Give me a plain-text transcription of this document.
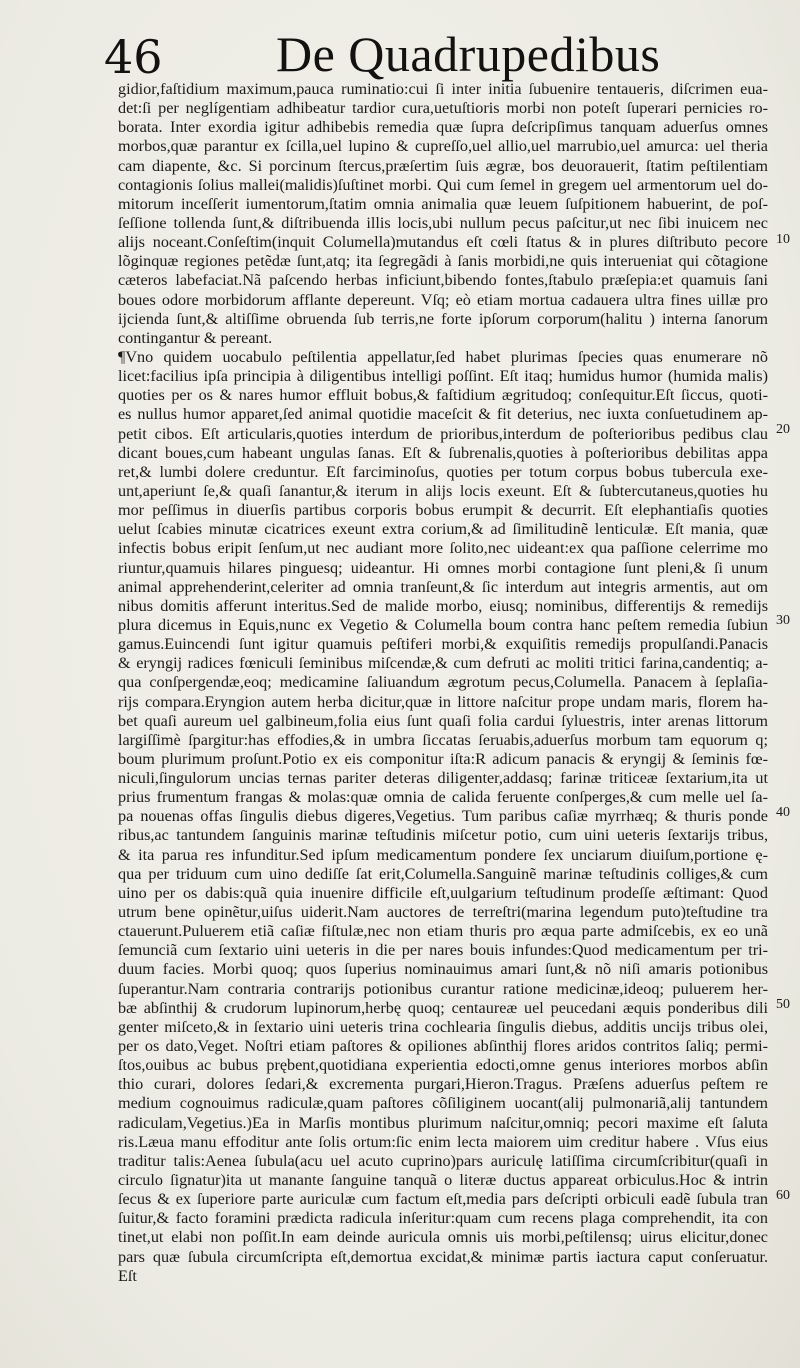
46 De Quadrupedibus
gidior,faſtidium maximum,pauca ruminatio:cui ſi inter initia ſubuenire tentaueris, diſcrimen eua-
det:ſi per neglígentiam adhibeatur tardior cura,uetuſtioris morbi non poteſt ſuperari pernicies ro-
borata. Inter exordia igitur adhibebis remedia quæ ſupra deſcripſimus tanquam aduerſus omnes
morbos,quæ parantur ex ſcilla,uel lupino & cupreſſo,uel allio,uel marrubio,uel amurca: uel theria
cam diapente, &c. Si porcinum ſtercus,præſertim ſuis ægræ, bos deuorauerit, ſtatim peſtilentiam
contagionis ſolius mallei(malidis)ſuſtinet morbi. Qui cum ſemel in gregem uel armentorum uel do-
mitorum inceſſerit iumentorum,ſtatim omnia animalia quæ leuem ſuſpitionem habuerint, de poſ-
ſeſſione tollenda ſunt,& diſtribuenda illis locis,ubi nullum pecus paſcitur,ut nec ſibi inuicem nec
alijs noceant.Conſeſtim(inquit Columella)mutandus eſt cœli ſtatus & in plures diſtributo pecore
lõginquæ regiones petẽdæ ſunt,atq; ita ſegregãdi à ſanis morbidi,ne quis interueniat qui cõtagione
cæteros labefaciat.Nã paſcendo herbas inficiunt,bibendo fontes,ſtabulo præſepia:et quamuis ſani
boues odore morbidorum afflante depereunt. Vſq; eò etiam mortua cadauera ultra fines uillæ pro
ijcienda ſunt,& altiſſime obruenda ſub terris,ne forte ipſorum corporum(halitu ) interna ſanorum
contingantur & pereant.
¶Vno quidem uocabulo peſtilentia appellatur,ſed habet plurimas ſpecies quas enumerare nõ
licet:facilius ipſa principia à diligentibus intelligi poſſint. Eſt itaq; humidus humor (humida malis)
quoties per os & nares humor effluit bobus,& faſtidium ægritudoq; conſequitur.Eſt ſiccus, quoti-
es nullus humor apparet,ſed animal quotidie maceſcit & fit deterius, nec iuxta conſuetudinem ap-
petit cibos. Eſt articularis,quoties interdum de prioribus,interdum de poſterioribus pedibus clau
dicant boues,cum habeant ungulas ſanas. Eſt & ſubrenalis,quoties à poſterioribus debilitas appa
ret,& lumbi dolere creduntur. Eſt farciminoſus, quoties per totum corpus bobus tubercula exe-
unt,aperiunt ſe,& quaſi ſanantur,& iterum in alijs locis exeunt. Eſt & ſubtercutaneus,quoties hu
mor peſſimus in diuerſis partibus corporis bobus erumpit & decurrit. Eſt elephantiaſis quoties
uelut ſcabies minutæ cicatrices exeunt extra corium,& ad ſimilitudinẽ lenticulæ. Eſt mania, quæ
infectis bobus eripit ſenſum,ut nec audiant more ſolito,nec uideant:ex qua paſſione celerrime mo
riuntur,quamuis hilares pinguesq; uideantur. Hi omnes morbi contagione ſunt pleni,& ſi unum
animal apprehenderint,celeriter ad omnia tranſeunt,& ſic interdum aut integris armentis, aut om
nibus domitis afferunt interitus.Sed de malide morbo, eiusq; nominibus, differentijs & remedijs
plura dicemus in Equis,nunc ex Vegetio & Columella boum contra hanc peſtem remedia ſubiun
gamus.Euincendi ſunt igitur quamuis peſtiferi morbi,& exquiſitis remedijs propulſandi.Panacis
& eryngij radices fœniculi ſeminibus miſcendæ,& cum defruti ac moliti tritici farina,candentiq; a-
qua conſpergendæ,eoq; medicamine ſaliuandum ægrotum pecus,Columella. Panacem à ſeplaſia-
rijs compara.Eryngion autem herba dicitur,quæ in littore naſcitur prope undam maris, florem ha-
bet quaſi aureum uel galbineum,folia eius ſunt quaſi folia cardui ſyluestris, inter arenas littorum
largiſſimè ſpargitur:has effodies,& in umbra ſiccatas ſeruabis,aduerſus morbum tam equorum q;
boum plurimum proſunt.Potio ex eis componitur iſta:R adicum panacis & eryngij & ſeminis fœ-
niculi,ſingulorum uncias ternas pariter deteras diligenter,addasq; farinæ triticeæ ſextarium,ita ut
prius frumentum frangas & molas:quæ omnia de calida feruente conſperges,& cum melle uel ſa-
pa nouenas offas ſingulis diebus digeres,Vegetius. Tum paribus caſiæ myrrhæq; & thuris ponde
ribus,ac tantundem ſanguinis marinæ teſtudinis miſcetur potio, cum uini ueteris ſextarijs tribus,
& ita parua res infunditur.Sed ipſum medicamentum pondere ſex unciarum diuiſum,portione ę-
qua per triduum cum uino dediſſe ſat erit,Columella.Sanguinẽ marinæ teſtudinis colliges,& cum
uino per os dabis:quã quia inuenire difficile eſt,uulgarium teſtudinum prodeſſe æſtimant: Quod
utrum bene opinẽtur,uiſus uiderit.Nam auctores de terreſtri(marina legendum puto)teſtudine tra
ctauerunt.Puluerem etiã caſiæ fiſtulæ,nec non etiam thuris pro æqua parte admiſcebis, ex eo unã
ſemunciã cum ſextario uini ueteris in die per nares bouis infundes:Quod medicamentum per tri-
duum facies. Morbi quoq; quos ſuperius nominauimus amari ſunt,& nõ niſi amaris potionibus
ſuperantur.Nam contraria contrarijs potionibus curantur ratione medicinæ,ideoq; puluerem her-
bæ abſinthij & crudorum lupinorum,herbę quoq; centaureæ uel peucedani æquis ponderibus dili
genter miſceto,& in ſextario uini ueteris trina cochlearia ſingulis diebus, additis uncijs tribus olei,
per os dato,Veget. Noſtri etiam paſtores & opiliones abſinthij flores aridos contritos ſaliq; permi-
ſtos,ouibus ac bubus prębent,quotidiana experientia edocti,omne genus interiores morbos abſin
thio curari, dolores ſedari,& excrementa purgari,Hieron.Tragus. Præſens aduerſus peſtem re
medium cognouimus radiculæ,quam paſtores cõſiliginem uocant(alij pulmonariã,alij tantundem
radiculam,Vegetius.)Ea in Marſis montibus plurimum naſcitur,omniq; pecori maxime eſt ſaluta
ris.Læua manu effoditur ante ſolis ortum:ſic enim lecta maiorem uim creditur habere . Vſus eius
traditur talis:Aenea ſubula(acu uel acuto cuprino)pars auriculę latiſſima circumſcribitur(quaſi in
circulo ſignatur)ita ut manante ſanguine tanquã o literæ ductus appareat orbiculus.Hoc & intrin
ſecus & ex ſuperiore parte auriculæ cum factum eſt,media pars deſcripti orbiculi eadẽ ſubula tran
ſuitur,& facto foramini prædicta radicula inſeritur:quam cum recens plaga comprehendit, ita con
tinet,ut elabi non poſſit.In eam deinde auricula omnis uis morbi,peſtilensq; uirus elicitur,donec
pars quæ ſubula circumſcripta eſt,demortua excidat,& minimæ partis iactura caput conſeruatur.
Eſt
10
20
30
40
50
60
